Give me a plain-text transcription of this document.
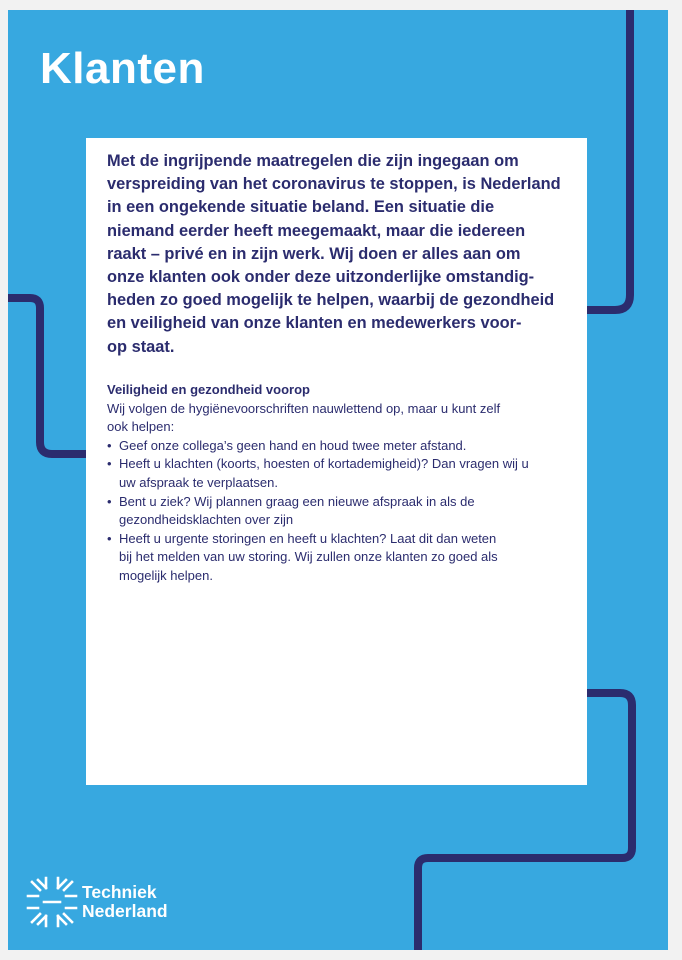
Klanten

Met de ingrijpende maatregelen die zijn ingegaan om
verspreiding van het coronavirus te stoppen, is Nederland
in een ongekende situatie beland. Een situatie die
niemand eerder heeft meegemaakt, maar die iedereen
raakt – privé en in zijn werk. Wij doen er alles aan om
onze klanten ook onder deze uitzonderlijke omstandig-
heden zo goed mogelijk te helpen, waarbij de gezondheid
en veiligheid van onze klanten en medewerkers voor-
op staat.

Veiligheid en gezondheid voorop
Wij volgen de hygiënevoorschriften nauwlettend op, maar u kunt zelf
ook helpen:
• Geef onze collega’s geen hand en houd twee meter afstand.
• Heeft u klachten (koorts, hoesten of kortademigheid)? Dan vragen wij u
uw afspraak te verplaatsen.
• Bent u ziek? Wij plannen graag een nieuwe afspraak in als de
gezondheidsklachten over zijn
• Heeft u urgente storingen en heeft u klachten? Laat dit dan weten
bij het melden van uw storing. Wij zullen onze klanten zo goed als
mogelijk helpen.
Techniek
Nederland
